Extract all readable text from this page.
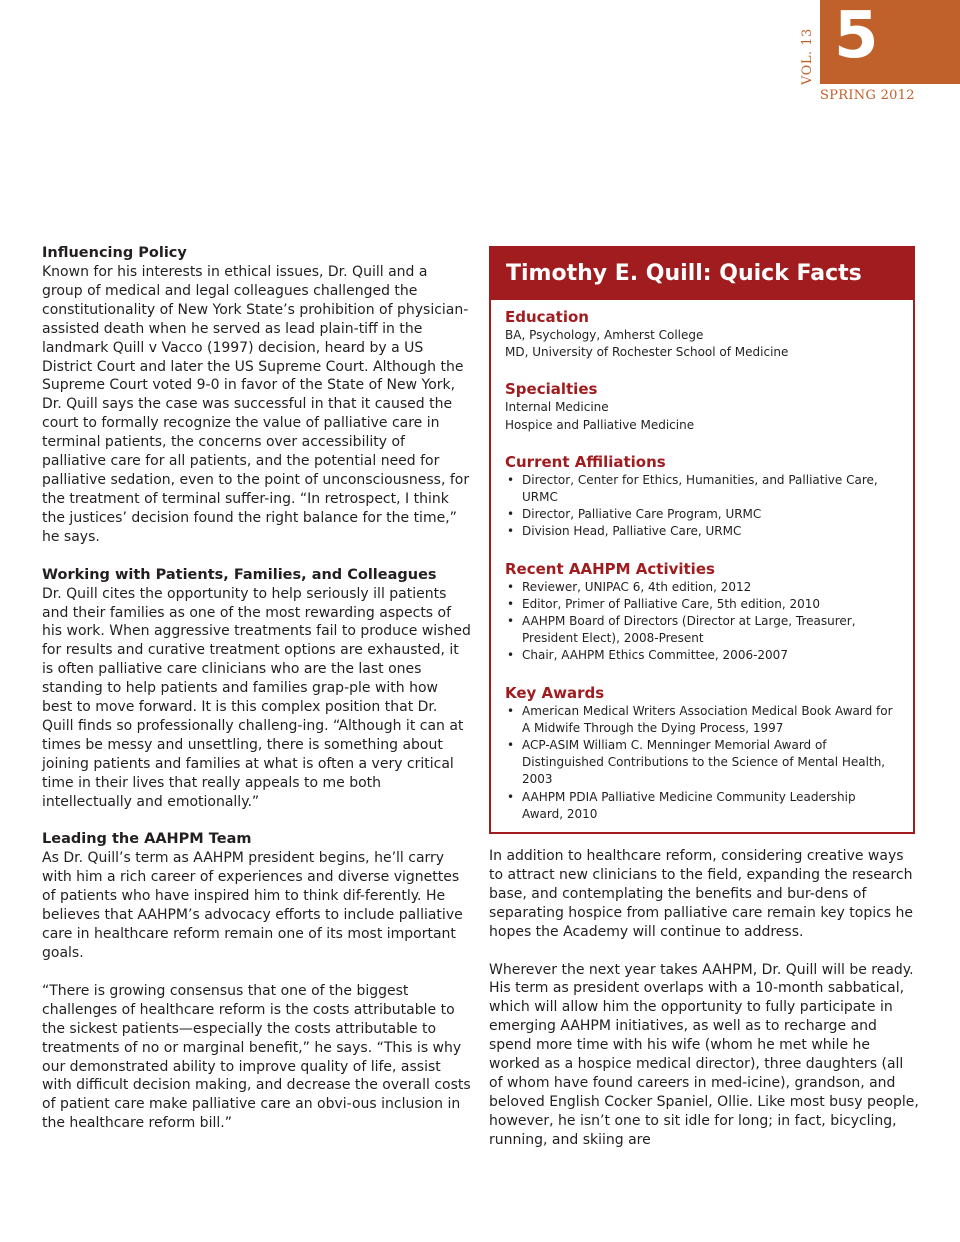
VOL. 13 5
SPRING 2012

Influencing Policy

Known for his interests in ethical issues, Dr. Quill and a group of medical and legal colleagues challenged the constitutionality of New York State’s prohibition of physician-assisted death when he served as lead plain-tiff in the landmark Quill v Vacco (1997) decision, heard by a US District Court and later the US Supreme Court. Although the Supreme Court voted 9-0 in favor of the State of New York, Dr. Quill says the case was successful in that it caused the court to formally recognize the value of palliative care in terminal patients, the concerns over accessibility of palliative care for all patients, and the potential need for palliative sedation, even to the point of unconsciousness, for the treatment of terminal suffer-ing. “In retrospect, I think the justices’ decision found the right balance for the time,” he says.

Working with Patients, Families, and Colleagues

Dr. Quill cites the opportunity to help seriously ill patients and their families as one of the most rewarding aspects of his work. When aggressive treatments fail to produce wished for results and curative treatment options are exhausted, it is often palliative care clinicians who are the last ones standing to help patients and families grap-ple with how best to move forward. It is this complex position that Dr. Quill finds so professionally challeng-ing. “Although it can at times be messy and unsettling, there is something about joining patients and families at what is often a very critical time in their lives that really appeals to me both intellectually and emotionally.”

Leading the AAHPM Team

As Dr. Quill’s term as AAHPM president begins, he’ll carry with him a rich career of experiences and diverse vignettes of patients who have inspired him to think dif-ferently. He believes that AAHPM’s advocacy efforts to include palliative care in healthcare reform remain one of its most important goals.

“There is growing consensus that one of the biggest challenges of healthcare reform is the costs attributable to the sickest patients—especially the costs attributable to treatments of no or marginal benefit,” he says. “This is why our demonstrated ability to improve quality of life, assist with difficult decision making, and decrease the overall costs of patient care make palliative care an obvi-ous inclusion in the healthcare reform bill.”

Timothy E. Quill: Quick Facts

Education

BA, Psychology, Amherst College

MD, University of Rochester School of Medicine

Specialties

Internal Medicine

Hospice and Palliative Medicine

Current Affiliations

• Director, Center for Ethics, Humanities, and Palliative Care, URMC
• Director, Palliative Care Program, URMC
• Division Head, Palliative Care, URMC

Recent AAHPM Activities

• Reviewer, UNIPAC 6, 4th edition, 2012
• Editor, Primer of Palliative Care, 5th edition, 2010
• AAHPM Board of Directors (Director at Large, Treasurer, President Elect), 2008-Present
• Chair, AAHPM Ethics Committee, 2006-2007

Key Awards

• American Medical Writers Association Medical Book Award for A Midwife Through the Dying Process, 1997
• ACP-ASIM William C. Menninger Memorial Award of Distinguished Contributions to the Science of Mental Health, 2003
• AAHPM PDIA Palliative Medicine Community Leadership Award, 2010

In addition to healthcare reform, considering creative ways to attract new clinicians to the field, expanding the research base, and contemplating the benefits and bur-dens of separating hospice from palliative care remain key topics he hopes the Academy will continue to address.

Wherever the next year takes AAHPM, Dr. Quill will be ready. His term as president overlaps with a 10-month sabbatical, which will allow him the opportunity to fully participate in emerging AAHPM initiatives, as well as to recharge and spend more time with his wife (whom he met while he worked as a hospice medical director), three daughters (all of whom have found careers in med-icine), grandson, and beloved English Cocker Spaniel, Ollie. Like most busy people, however, he isn’t one to sit idle for long; in fact, bicycling, running, and skiing are
